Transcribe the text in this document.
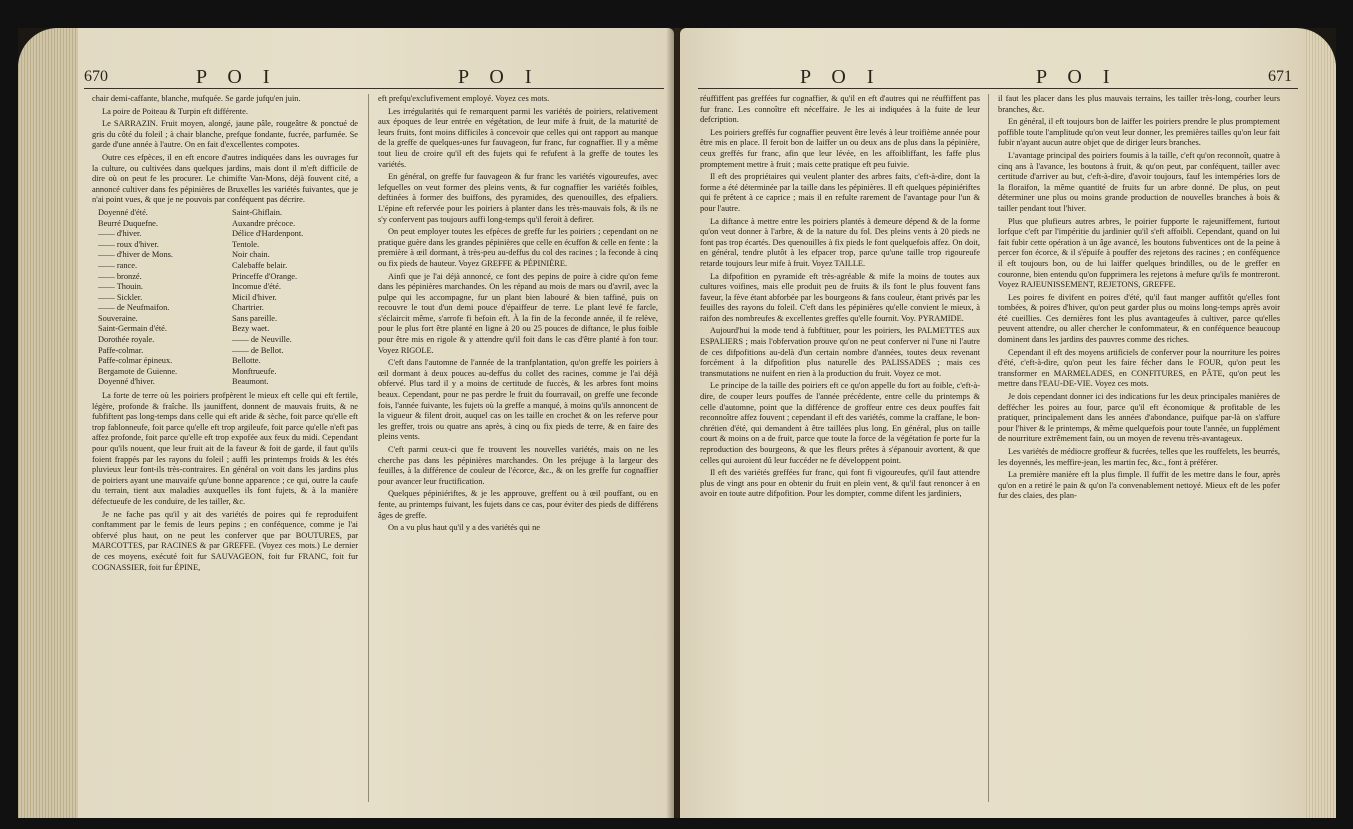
670	P O I	P O I

chair demi-caffante, blanche, mufquée. Se garde jufqu'en juin.

La poire de Poiteau & Turpin eft différente.

Le SARRAZIN. Fruit moyen, alongé, jaune pâle, rougeâtre & ponctué de gris du côté du foleil ; à chair blanche, prefque fondante, fucrée, parfumée. Se garde d'une année à l'autre. On en fait d'excellentes compotes.

Outre ces efpèces, il en eft encore d'autres indiquées dans les ouvrages fur la culture, ou cultivées dans quelques jardins, mais dont il m'eft difficile de dire où on peut fe les procurer. Le chimifte Van-Mons, déjà fouvent cité, a annoncé cultiver dans fes pépinières de Bruxelles les variétés fuivantes, que je n'ai point vues, & que je ne pouvois par conféquent pas décrire.

Doyenné d'été.	Saint-Ghiflain.
Beurré Duquefne.	Auxandre précoce.
—— d'hiver.	Délice d'Hardenpont.
—— roux d'hiver.	Tentole.
—— d'hiver de Mons.	Noir chain.
—— rance.	Calebaffe belair.
—— bronzé.	Princeffe d'Orange.
—— Thouin.	Incomue d'été.
—— Sickler.	Micil d'hiver.
—— de Neufmaifon.	Chartrier.
Souveraine.	Sans pareille.
Saint-Germain d'été.	Bezy waet.
Dorothée royale.	—— de Neuville.
Paffe-colmar.	—— de Bellot.
Paffe-colmar épineux.	Bellotte.
Bergamote de Guienne.	Monftrueufe.
Doyenné d'hiver.	Beaumont.

La forte de terre où les poiriers profpèrent le mieux eft celle qui eft fertile, légère, profonde & fraîche. Ils jauniffent, donnent de mauvais fruits, & ne fubfiftent pas long-temps dans celle qui eft aride & sèche, foit parce qu'elle eft trop fablonneufe, foit parce qu'elle eft trop argileufe, foit parce qu'elle n'eft pas affez profonde, foit parce qu'elle eft trop expofée aux feux du midi. Cependant pour qu'ils nouent, que leur fruit ait de la faveur & foit de garde, il faut qu'ils foient frappés par les rayons du foleil ; auffi les printemps froids & les étés pluvieux leur font-ils très-contraires. En général on voit dans les jardins plus de poiriers ayant une mauvaife qu'une bonne apparence ; ce qui, outre la caufe du terrain, tient aux maladies auxquelles ils font fujets, & à la manière défectueufe de les conduire, de les tailler, &c.

Je ne fache pas qu'il y ait des variétés de poires qui fe reproduifent conftamment par le femis de leurs pepins ; en conféquence, comme je l'ai obfervé plus haut, on ne peut les conferver que par BOUTURES, par MARCOTTES, par RACINES & par GREFFE. (Voyez ces mots.) Le dernier de ces moyens, exécuté foit fur SAUVAGEON, foit fur FRANC, foit fur COGNASSIER, foit fur ÉPINE,

eft prefqu'exclufivement employé. Voyez ces mots.

Les irrégularités qui fe remarquent parmi les variétés de poiriers, relativement aux époques de leur entrée en végétation, de leur mife à fruit, de la maturité de leurs fruits, font moins difficiles à concevoir que celles qui ont rapport au manque de la greffe de quelques-unes fur fauvageon, fur franc, fur cognaffier. Il y a même tout lieu de croire qu'il eft des fujets qui fe refufent à la greffe de toutes les variétés.

En général, on greffe fur fauvageon & fur franc les variétés vigoureufes, avec lefquelles on veut former des pleins vents, & fur cognaffier les variétés foibles, deftinées à former des buiffons, des pyramides, des quenouilles, des efpaliers. L'épine eft refervée pour les poiriers à planter dans les très-mauvais fols, & ils ne s'y confervent pas toujours auffi long-temps qu'il feroit à defirer.

On peut employer toutes les efpèces de greffe fur les poiriers ; cependant on ne pratique guère dans les grandes pépinières que celle en écuffon & celle en fente : la première à œil dormant, à très-peu au-deffus du col des racines ; la feconde à cinq ou fix pieds de hauteur. Voyez GREFFE & PÉPINIÈRE.

Ainfi que je l'ai déjà annoncé, ce font des pepins de poire à cidre qu'on feme dans les pépinières marchandes. On les répand au mois de mars ou d'avril, avec la pulpe qui les accompagne, fur un plant bien labouré & bien taffiné, puis on recouvre le tout d'un demi pouce d'épaiffeur de terre. Le plant levé fe farcle, s'éclaircit même, s'arrofe fi befoin eft. À la fin de la feconde année, il fe relève, pour le plus fort être planté en ligne à 20 ou 25 pouces de diftance, le plus foible pour être mis en rigole & y attendre qu'il foit dans le cas d'être planté à fon tour. Voyez RIGOLE.

C'eft dans l'automne de l'année de la tranfplantation, qu'on greffe les poiriers à œil dormant à deux pouces au-deffus du collet des racines, comme je l'ai déjà obfervé. Plus tard il y a moins de certitude de fuccès, & les arbres font moins beaux. Cependant, pour ne pas perdre le fruit du fourravail, on greffe une feconde fois, l'année fuivante, les fujets où la greffe a manqué, à moins qu'ils annoncent de la vigueur & filent droit, auquel cas on les taille en crochet & on les referve pour les greffer, trois ou quatre ans après, à cinq ou fix pieds de terre, & en faire des pleins vents.

C'eft parmi ceux-ci que fe trouvent les nouvelles variétés, mais on ne les cherche pas dans les pépinières marchandes. On les préjuge à la largeur des feuilles, à la différence de couleur de l'écorce, &c., & on les greffe fur cognaffier pour avancer leur fructification.

Quelques pépiniériftes, & je les approuve, greffent ou à œil pouffant, ou en fente, au printemps fuivant, les fujets dans ce cas, pour éviter des pieds de différens âges de greffe.

On a vu plus haut qu'il y a des variétés qui ne

P O I	P O I	671

réuffiffent pas greffées fur cognaffier, & qu'il en eft d'autres qui ne réuffiffent pas fur franc. Les connoître eft néceffaire. Je les ai indiquées à la fuite de leur defcription.

Les poiriers greffés fur cognaffier peuvent être levés à leur troifième année pour être mis en place. Il feroit bon de laiffer un ou deux ans de plus dans la pépinière, ceux greffés fur franc, afin que leur lévée, en les affoibliffant, les faffe plus promptement mettre à fruit ; mais cette pratique eft peu fuivie.

Il eft des propriétaires qui veulent planter des arbres faits, c'eft-à-dire, dont la forme a été déterminée par la taille dans les pépinières. Il eft quelques pépiniériftes qui fe prêtent à ce caprice ; mais il en refulte rarement de l'avantage pour l'un & pour l'autre.

La diftance à mettre entre les poiriers plantés à demeure dépend & de la forme qu'on veut donner à l'arbre, & de la nature du fol. Des pleins vents à 20 pieds ne font pas trop écartés. Des quenouilles à fix pieds le font quelquefois affez. On doit, en général, tendre plutôt à les efpacer trop, parce qu'une taille trop rigoureufe retarde toujours leur mife à fruit. Voyez TAILLE.

La difpofition en pyramide eft très-agréable & mife la moins de toutes aux cultures voifines, mais elle produit peu de fruits & ils font le plus fouvent fans faveur, la fève étant abforbée par les bourgeons & fans couleur, étant privés par les feuilles des rayons du foleil. C'eft dans les pépinières qu'elle convient le mieux, à raifon des nombreufes & excellentes greffes qu'elle fournit. Voy. PYRAMIDE.

Aujourd'hui la mode tend à fubftituer, pour les poiriers, les PALMETTES aux ESPALIERS ; mais l'obfervation prouve qu'on ne peut conferver ni l'une ni l'autre de ces difpofitions au-delà d'un certain nombre d'années, toutes deux revenant forcément à la difpofition plus naturelle des PALISSADES ; mais ces transmutations ne nuifent en rien à la production du fruit. Voyez ce mot.

Le principe de la taille des poiriers eft ce qu'on appelle du fort au foible, c'eft-à-dire, de couper leurs pouffes de l'année précédente, entre celle du printemps & celle d'automne, point que la différence de groffeur entre ces deux pouffes fait reconnoître affez fouvent ; cependant il eft des variétés, comme la craffane, le bon-chrétien d'été, qui demandent à être taillées plus long. En général, plus on taille court & moins on a de fruit, parce que toute la force de la végétation fe porte fur la reproduction des bourgeons, & que les fleurs prêtes à s'épanouir avortent, & que celles qui auroient dû leur fuccéder ne fe développent point.

Il eft des variétés greffées fur franc, qui font fi vigoureufes, qu'il faut attendre plus de vingt ans pour en obtenir du fruit en plein vent, & qu'il faut renoncer à en avoir en toute autre difpofition. Pour les dompter, comme difent les jardiniers,

il faut les placer dans les plus mauvais terrains, les tailler très-long, courber leurs branches, &c.

En général, il eft toujours bon de laiffer les poiriers prendre le plus promptement poffible toute l'amplitude qu'on veut leur donner, les premières tailles qu'on leur fait fubir n'ayant aucun autre objet que de diriger leurs branches.

L'avantage principal des poiriers foumis à la taille, c'eft qu'on reconnoît, quatre à cinq ans à l'avance, les boutons à fruit, & qu'on peut, par conféquent, tailler avec certitude d'arriver au but, c'eft-à-dire, d'avoir toujours, fauf les intempéries lors de la floraifon, la même quantité de fruits fur un arbre donné. De plus, on peut déterminer une plus ou moins grande production de nouvelles branches à bois & tailler pendant tout l'hiver.

Plus que plufieurs autres arbres, le poirier fupporte le rajeuniffement, furtout lorfque c'eft par l'impéritie du jardinier qu'il s'eft affoibli. Cependant, quand on lui fait fubir cette opération à un âge avancé, les boutons fubventices ont de la peine à percer fon écorce, & il s'épuife à pouffer des rejetons des racines ; en conféquence il eft toujours bon, ou de lui laiffer quelques brindilles, ou de le greffer en couronne, bien entendu qu'on fupprimera les rejetons à mefure qu'ils fe montreront. Voyez RAJEUNISSEMENT, REJETONS, GREFFE.

Les poires fe divifent en poires d'été, qu'il faut manger auffitôt qu'elles font tombées, & poires d'hiver, qu'on peut garder plus ou moins long-temps après avoir été cueillies. Ces dernières font les plus avantageufes à cultiver, parce qu'elles peuvent attendre, ou aller chercher le confommateur, & en conféquence beaucoup dominent dans les jardins des pauvres comme des riches.

Cependant il eft des moyens artificiels de conferver pour la nourriture les poires d'été, c'eft-à-dire, qu'on peut les faire fécher dans le FOUR, qu'on peut les transformer en MARMELADES, en CONFITURES, en PÂTE, qu'on peut les mettre dans l'EAU-DE-VIE. Voyez ces mots.

Je dois cependant donner ici des indications fur les deux principales manières de deffécher les poires au four, parce qu'il eft économique & profitable de les pratiquer, principalement dans les années d'abondance, puifque par-là on s'affure pour l'hiver & le printemps, & même quelquefois pour toute l'année, un fupplément de nourriture extrêmement fain, ou un moyen de revenu très-avantageux.

Les variétés de médiocre groffeur & fucrées, telles que les rouffelets, les beurrés, les doyennés, les meffire-jean, les martin fec, &c., font à préférer.

La première manière eft la plus fimple. Il fuffit de les mettre dans le four, après qu'on en a retiré le pain & qu'on l'a convenablement nettoyé. Mieux eft de les pofer fur des claies, des plan-
